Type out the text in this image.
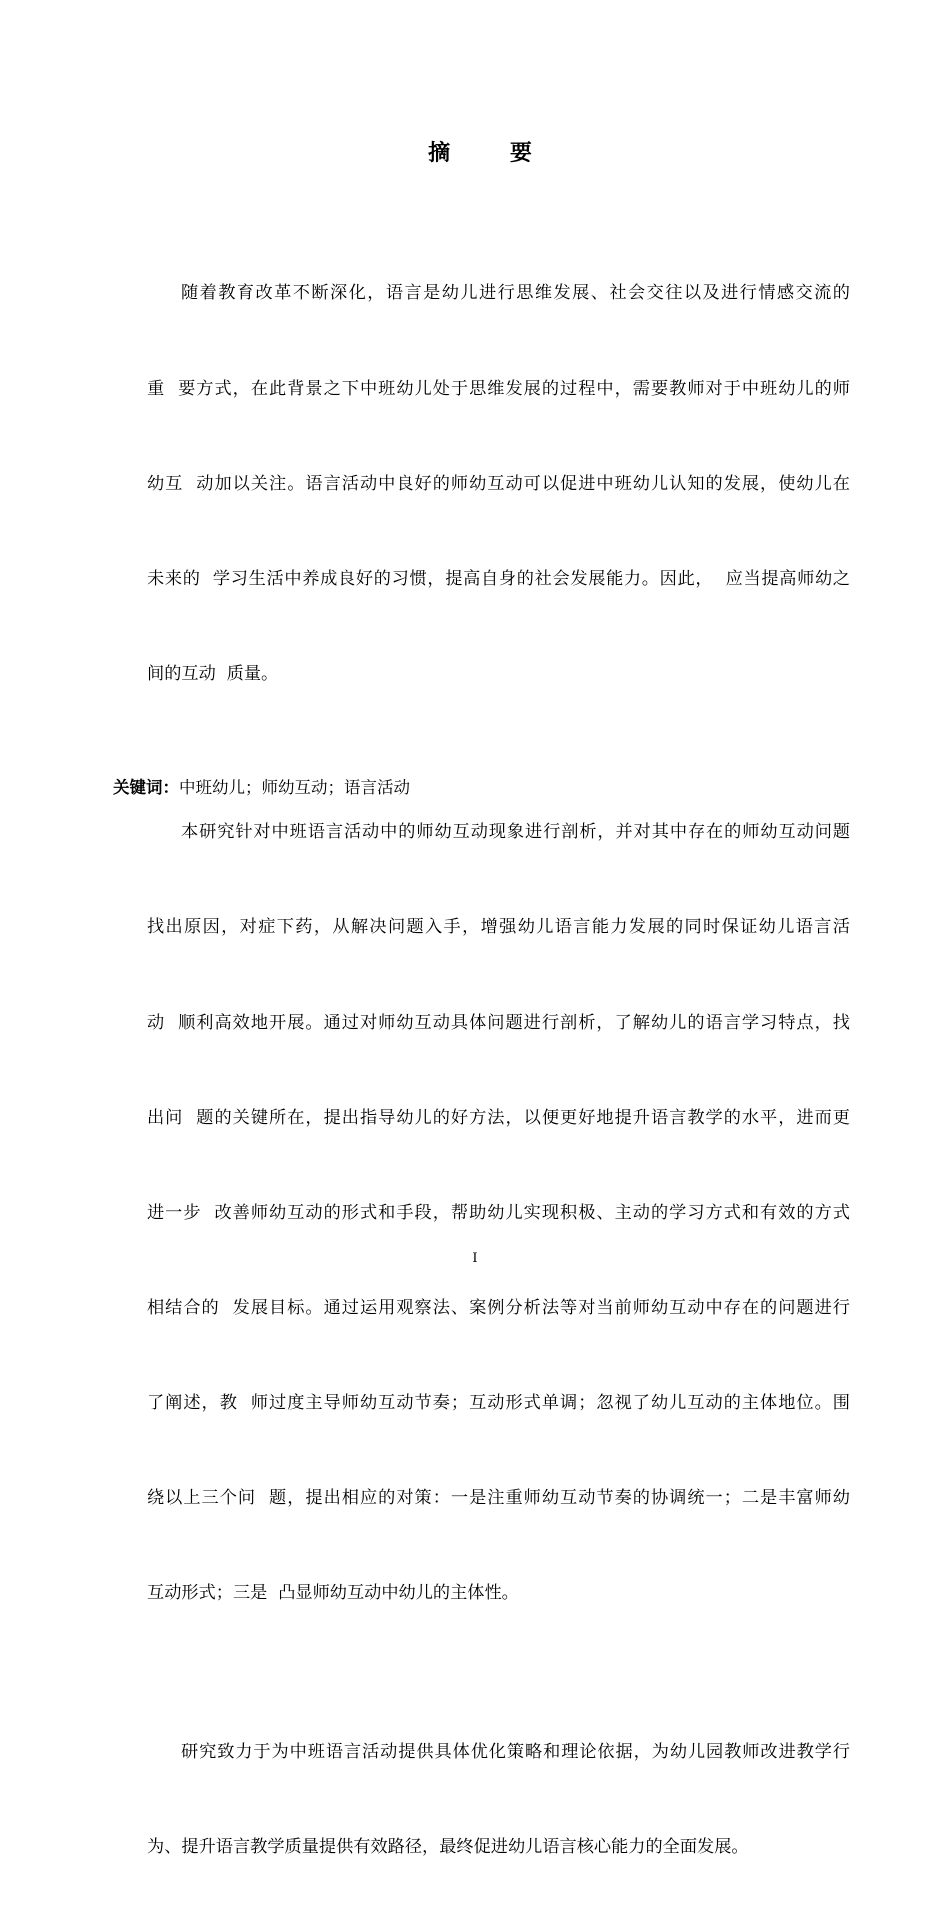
摘 要

随着教育改革不断深化，语言是幼儿进行思维发展、社会交往以及进行情感交流的

重  要方式，在此背景之下中班幼儿处于思维发展的过程中，需要教师对于中班幼儿的师

幼互  动加以关注。语言活动中良好的师幼互动可以促进中班幼儿认知的发展，使幼儿在

未来的  学习生活中养成良好的习惯，提高自身的社会发展能力。因此，  应当提高师幼之

间的互动  质量。

本研究针对中班语言活动中的师幼互动现象进行剖析，并对其中存在的师幼互动问题

找出原因，对症下药，从解决问题入手，增强幼儿语言能力发展的同时保证幼儿语言活

动  顺利高效地开展。通过对师幼互动具体问题进行剖析，了解幼儿的语言学习特点，找

出问  题的关键所在，提出指导幼儿的好方法，以便更好地提升语言教学的水平，进而更

进一步  改善师幼互动的形式和手段，帮助幼儿实现积极、主动的学习方式和有效的方式

相结合的  发展目标。通过运用观察法、案例分析法等对当前师幼互动中存在的问题进行

了阐述，教  师过度主导师幼互动节奏；互动形式单调；忽视了幼儿互动的主体地位。围

绕以上三个问  题，提出相应的对策：一是注重师幼互动节奏的协调统一；二是丰富师幼

互动形式；三是  凸显师幼互动中幼儿的主体性。

研究致力于为中班语言活动提供具体优化策略和理论依据，为幼儿园教师改进教学行

为、提升语言教学质量提供有效路径，最终促进幼儿语言核心能力的全面发展。

关键词：中班幼儿；师幼互动；语言活动
I
